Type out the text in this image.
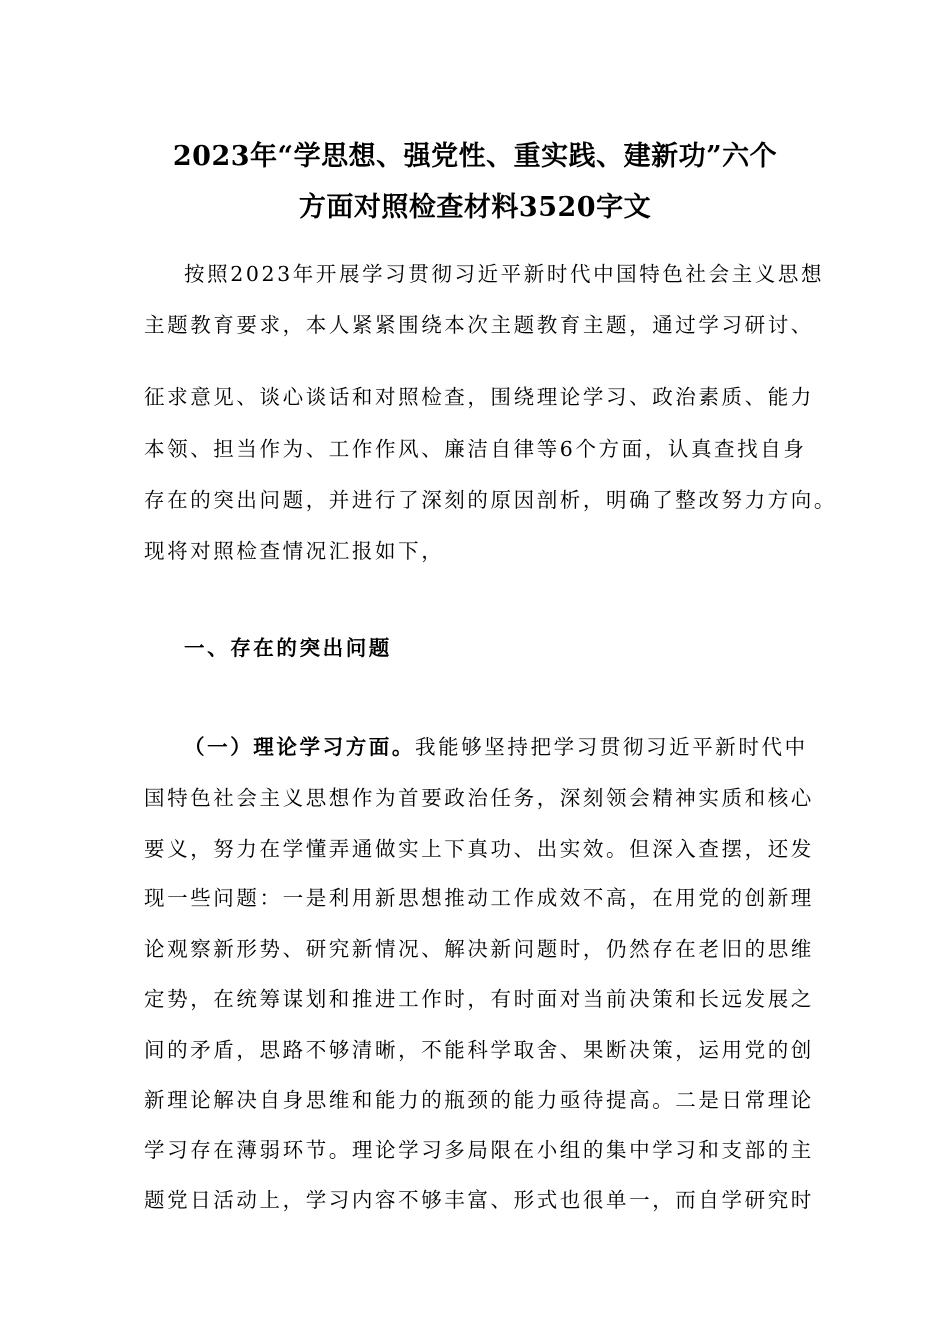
2023年“学思想、强党性、重实践、建新功”六个
方面对照检查材料3520字文
按照2023年开展学习贯彻习近平新时代中国特色社会主义思想
主题教育要求，本人紧紧围绕本次主题教育主题，通过学习研讨、
征求意见、谈心谈话和对照检查，围绕理论学习、政治素质、能力
本领、担当作为、工作作风、廉洁自律等6个方面，认真查找自身
存在的突出问题，并进行了深刻的原因剖析，明确了整改努力方向。
现将对照检查情况汇报如下，
一、存在的突出问题
（一）理论学习方面。我能够坚持把学习贯彻习近平新时代中
国特色社会主义思想作为首要政治任务，深刻领会精神实质和核心
要义，努力在学懂弄通做实上下真功、出实效。但深入查摆，还发
现一些问题：一是利用新思想推动工作成效不高，在用党的创新理
论观察新形势、研究新情况、解决新问题时，仍然存在老旧的思维
定势，在统筹谋划和推进工作时，有时面对当前决策和长远发展之
间的矛盾，思路不够清晰，不能科学取舍、果断决策，运用党的创
新理论解决自身思维和能力的瓶颈的能力亟待提高。二是日常理论
学习存在薄弱环节。理论学习多局限在小组的集中学习和支部的主
题党日活动上，学习内容不够丰富、形式也很单一，而自学研究时
